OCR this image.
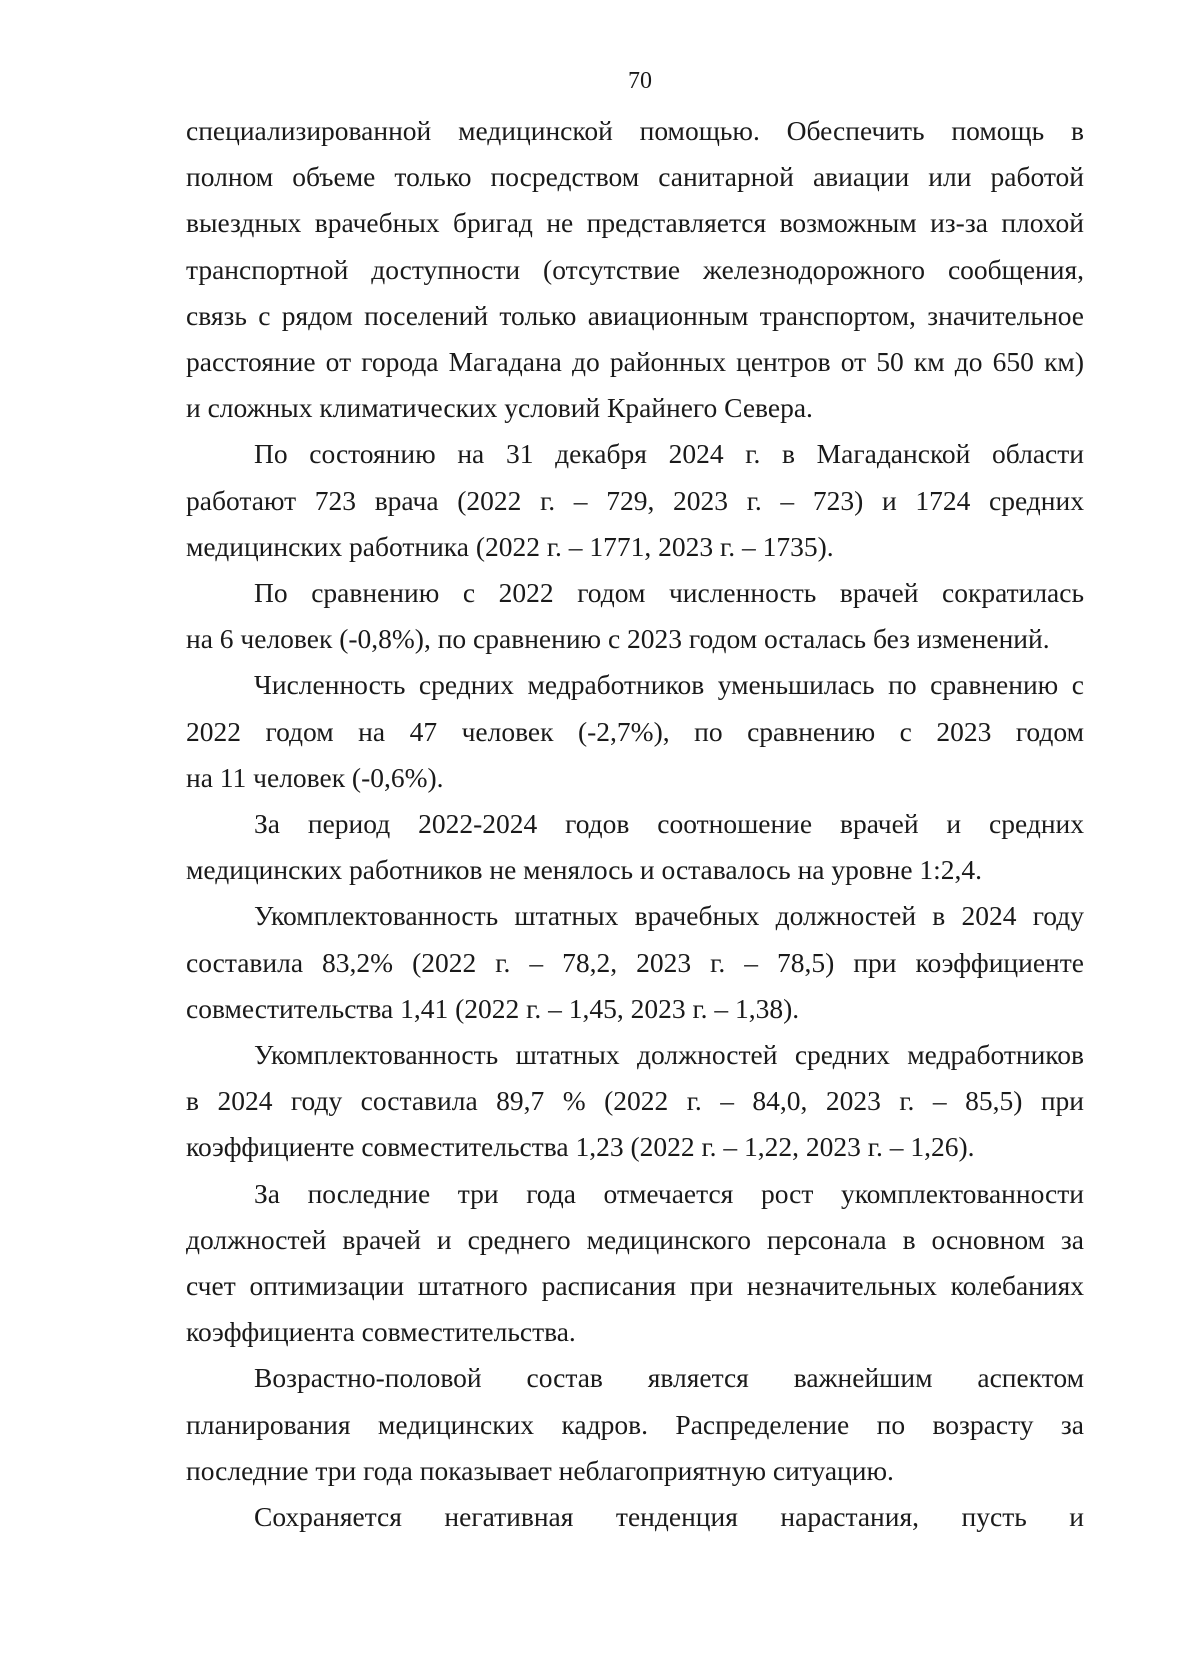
70
специализированной медицинской помощью. Обеспечить помощь в
полном объеме только посредством санитарной авиации или работой
выездных врачебных бригад не представляется возможным из-за плохой
транспортной доступности (отсутствие железнодорожного сообщения,
связь с рядом поселений только авиационным транспортом, значительное
расстояние от города Магадана до районных центров от 50 км до 650 км)
и сложных климатических условий Крайнего Севера.
По состоянию на 31 декабря 2024 г. в Магаданской области
работают 723 врача (2022 г. – 729, 2023 г. – 723) и 1724 средних
медицинских работника (2022 г. – 1771, 2023 г. – 1735).
По сравнению с 2022 годом численность врачей сократилась
на 6 человек (-0,8%), по сравнению с 2023 годом осталась без изменений.
Численность средних медработников уменьшилась по сравнению с
2022 годом на 47 человек (-2,7%), по сравнению с 2023 годом
на 11 человек (-0,6%).
За период 2022-2024 годов соотношение врачей и средних
медицинских работников не менялось и оставалось на уровне 1:2,4.
Укомплектованность штатных врачебных должностей в 2024 году
составила 83,2% (2022 г. – 78,2, 2023 г. – 78,5) при коэффициенте
совместительства 1,41 (2022 г. – 1,45, 2023 г. – 1,38).
Укомплектованность штатных должностей средних медработников
в 2024 году составила 89,7 % (2022 г. – 84,0, 2023 г. – 85,5) при
коэффициенте совместительства 1,23 (2022 г. – 1,22, 2023 г. – 1,26).
За последние три года отмечается рост укомплектованности
должностей врачей и среднего медицинского персонала в основном за
счет оптимизации штатного расписания при незначительных колебаниях
коэффициента совместительства.
Возрастно-половой состав является важнейшим аспектом
планирования медицинских кадров. Распределение по возрасту за
последние три года показывает неблагоприятную ситуацию.
Сохраняется негативная тенденция нарастания, пусть и
